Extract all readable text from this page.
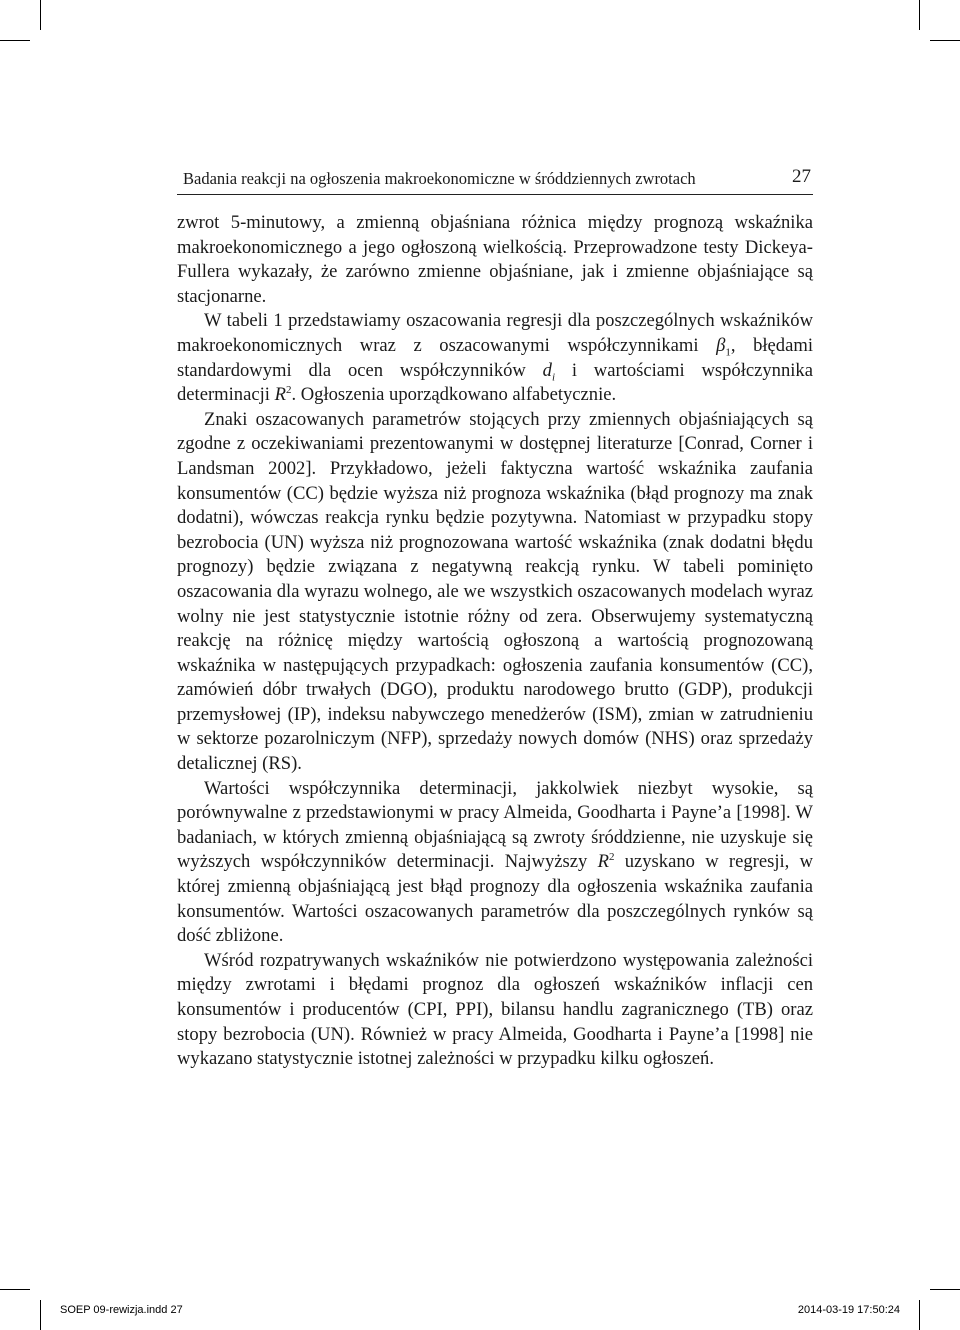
Badania reakcji na ogłoszenia makroekonomiczne w śróddziennych zwrotach	27

zwrot 5-minutowy, a zmienną objaśniana różnica między prognozą wskaźnika makroekonomicznego a jego ogłoszoną wielkością. Przeprowadzone testy Dickeya-Fullera wykazały, że zarówno zmienne objaśniane, jak i zmienne objaśniające są stacjonarne.

W tabeli 1 przedstawiamy oszacowania regresji dla poszczególnych wskaźników makroekonomicznych wraz z oszacowanymi współczynnikami $\beta_1$, błędami standardowymi dla ocen współczynników $d_i$ i wartościami współczynnika determinacji $R^2$. Ogłoszenia uporządkowano alfabetycznie.

Znaki oszacowanych parametrów stojących przy zmiennych objaśniających są zgodne z oczekiwaniami prezentowanymi w dostępnej literaturze [Conrad, Corner i Landsman 2002]. Przykładowo, jeżeli faktyczna wartość wskaźnika zaufania konsumentów (CC) będzie wyższa niż prognoza wskaźnika (błąd prognozy ma znak dodatni), wówczas reakcja rynku będzie pozytywna. Natomiast w przypadku stopy bezrobocia (UN) wyższa niż prognozowana wartość wskaźnika (znak dodatni błędu prognozy) będzie związana z negatywną reakcją rynku. W tabeli pominięto oszacowania dla wyrazu wolnego, ale we wszystkich oszacowanych modelach wyraz wolny nie jest statystycznie istotnie różny od zera. Obserwujemy systematyczną reakcję na różnicę między wartością ogłoszoną a wartością prognozowaną wskaźnika w następujących przypadkach: ogłoszenia zaufania konsumentów (CC), zamówień dóbr trwałych (DGO), produktu narodowego brutto (GDP), produkcji przemysłowej (IP), indeksu nabywczego menedżerów (ISM), zmian w zatrudnieniu w sektorze pozarolniczym (NFP), sprzedaży nowych domów (NHS) oraz sprzedaży detalicznej (RS).

Wartości współczynnika determinacji, jakkolwiek niezbyt wysokie, są porównywalne z przedstawionymi w pracy Almeida, Goodharta i Payne’a [1998]. W badaniach, w których zmienną objaśniającą są zwroty śróddzienne, nie uzyskuje się wyższych współczynników determinacji. Najwyższy $R^2$ uzyskano w regresji, w której zmienną objaśniającą jest błąd prognozy dla ogłoszenia wskaźnika zaufania konsumentów. Wartości oszacowanych parametrów dla poszczególnych rynków są dość zbliżone.

Wśród rozpatrywanych wskaźników nie potwierdzono występowania zależności między zwrotami i błędami prognoz dla ogłoszeń wskaźników inflacji cen konsumentów i producentów (CPI, PPI), bilansu handlu zagranicznego (TB) oraz stopy bezrobocia (UN). Również w pracy Almeida, Goodharta i Payne’a [1998] nie wykazano statystycznie istotnej zależności w przypadku kilku ogłoszeń.

SOEP 09-rewizja.indd 27	2014-03-19 17:50:24
